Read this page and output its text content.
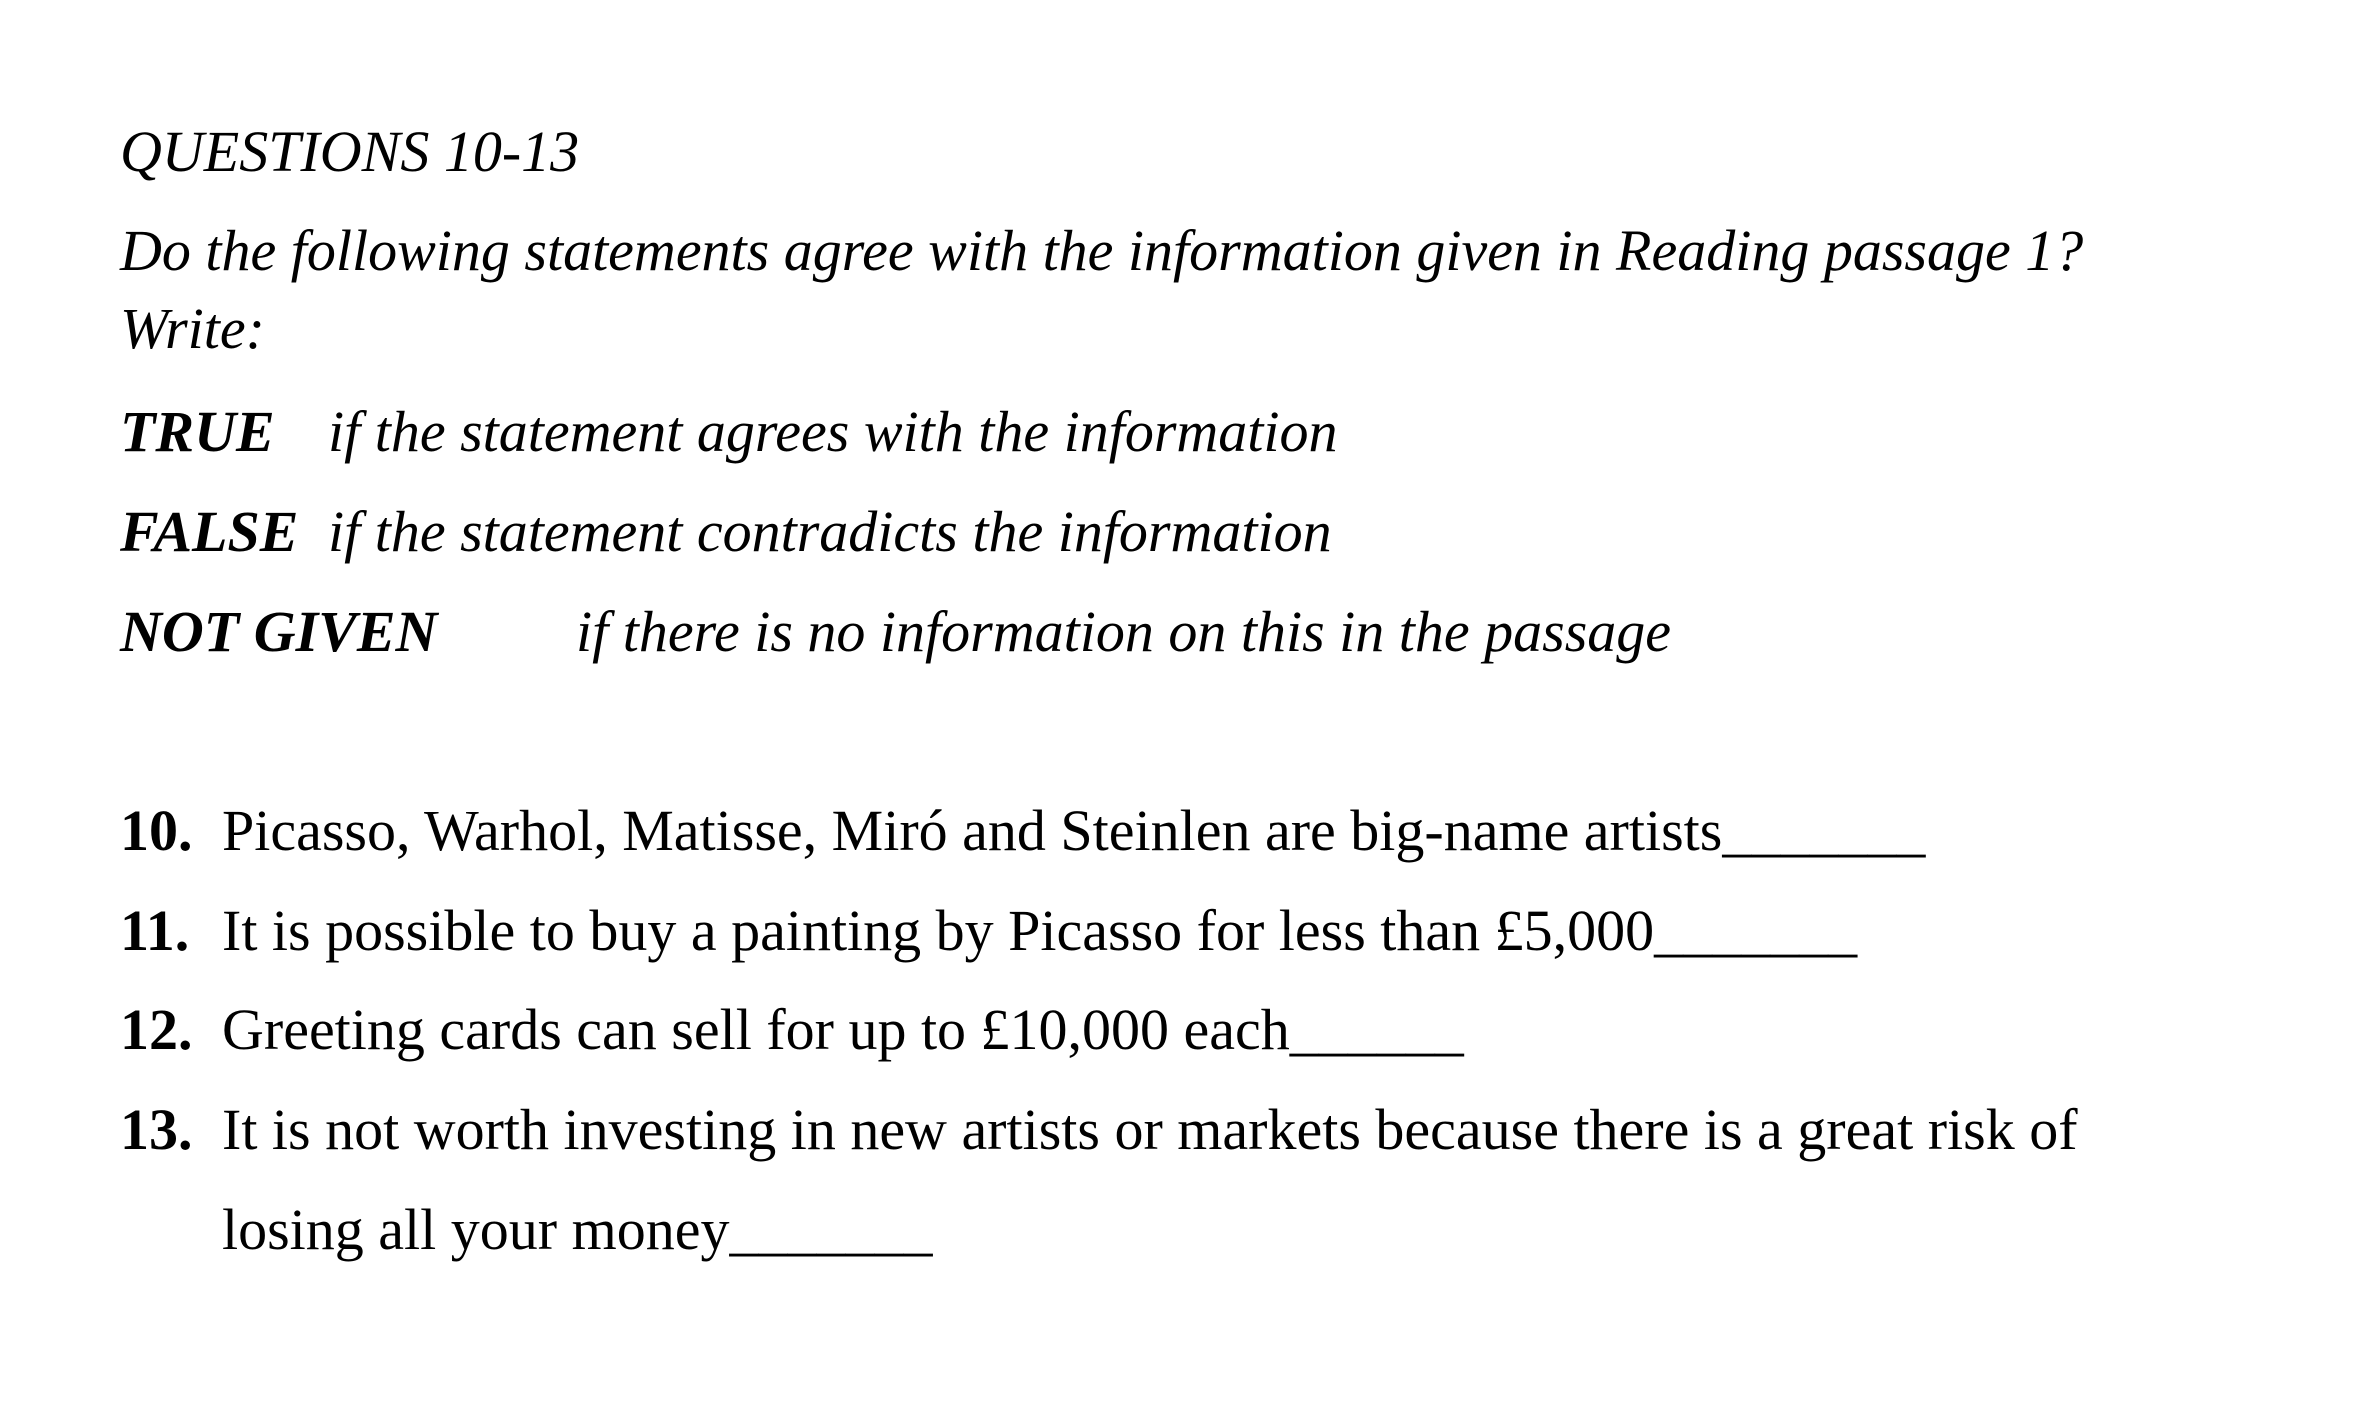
QUESTIONS 10-13
Do the following statements agree with the information given in Reading passage 1?
Write:
TRUE if the statement agrees with the information
FALSE if the statement contradicts the information
NOT GIVEN if there is no information on this in the passage
10. Picasso, Warhol, Matisse, Miró and Steinlen are big-name artists_______
11. It is possible to buy a painting by Picasso for less than £5,000_______
12. Greeting cards can sell for up to £10,000 each______
13. It is not worth investing in new artists or markets because there is a great risk of
losing all your money_______
